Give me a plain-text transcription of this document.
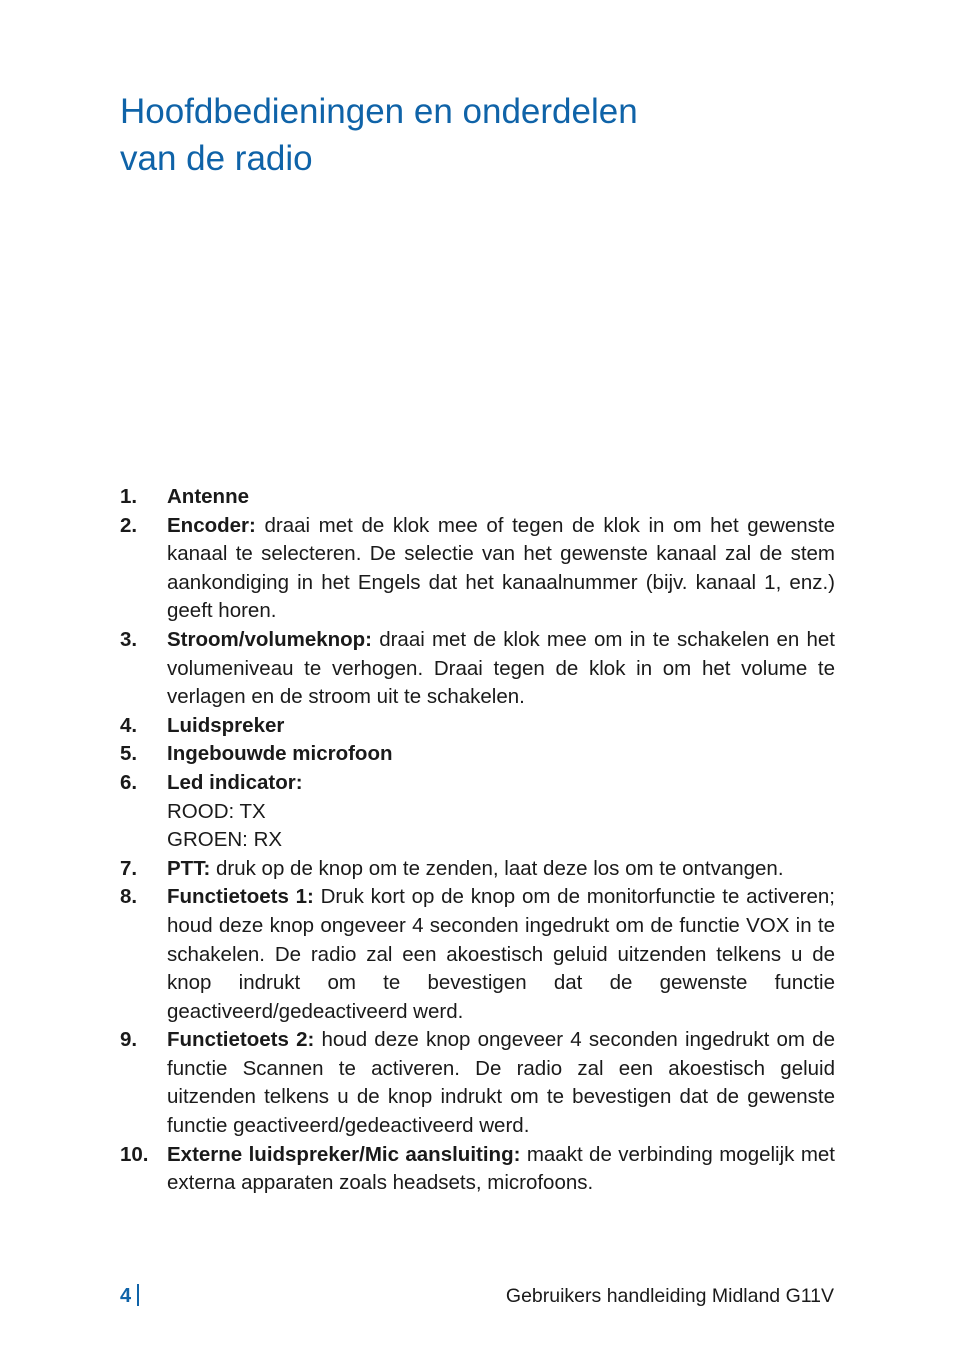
Hoofdbedieningen en onderdelen
van de radio
1. Antenne
2. Encoder: draai met de klok mee of tegen de klok in om het gewenste kanaal te selecteren. De selectie van het gewenste kanaal zal de stem aankondiging in het Engels dat het kanaalnummer (bijv. kanaal 1, enz.) geeft horen.
3. Stroom/volumeknop: draai met de klok mee om in te schakelen en het volumeniveau te verhogen. Draai tegen de klok in om het volume te verlagen en de stroom uit te schakelen.
4. Luidspreker
5. Ingebouwde microfoon
6. Led indicator:
ROOD: TX
GROEN: RX
7. PTT: druk op de knop om te zenden, laat deze los om te ontvangen.
8. Functietoets 1: Druk kort op de knop om de monitorfunctie te activeren; houd deze knop ongeveer 4 seconden ingedrukt om de functie VOX in te schakelen. De radio zal een akoestisch geluid uitzenden telkens u de knop indrukt om te bevestigen dat de gewenste functie geactiveerd/gedeactiveerd werd.
9. Functietoets 2: houd deze knop ongeveer 4 seconden ingedrukt om de functie Scannen te activeren. De radio zal een akoestisch geluid uitzenden telkens u de knop indrukt om te bevestigen dat de gewenste functie geactiveerd/gedeactiveerd werd.
10. Externe luidspreker/Mic aansluiting: maakt de verbinding mogelijk met externa apparaten zoals headsets, microfoons.
4	Gebruikers handleiding Midland G11V
